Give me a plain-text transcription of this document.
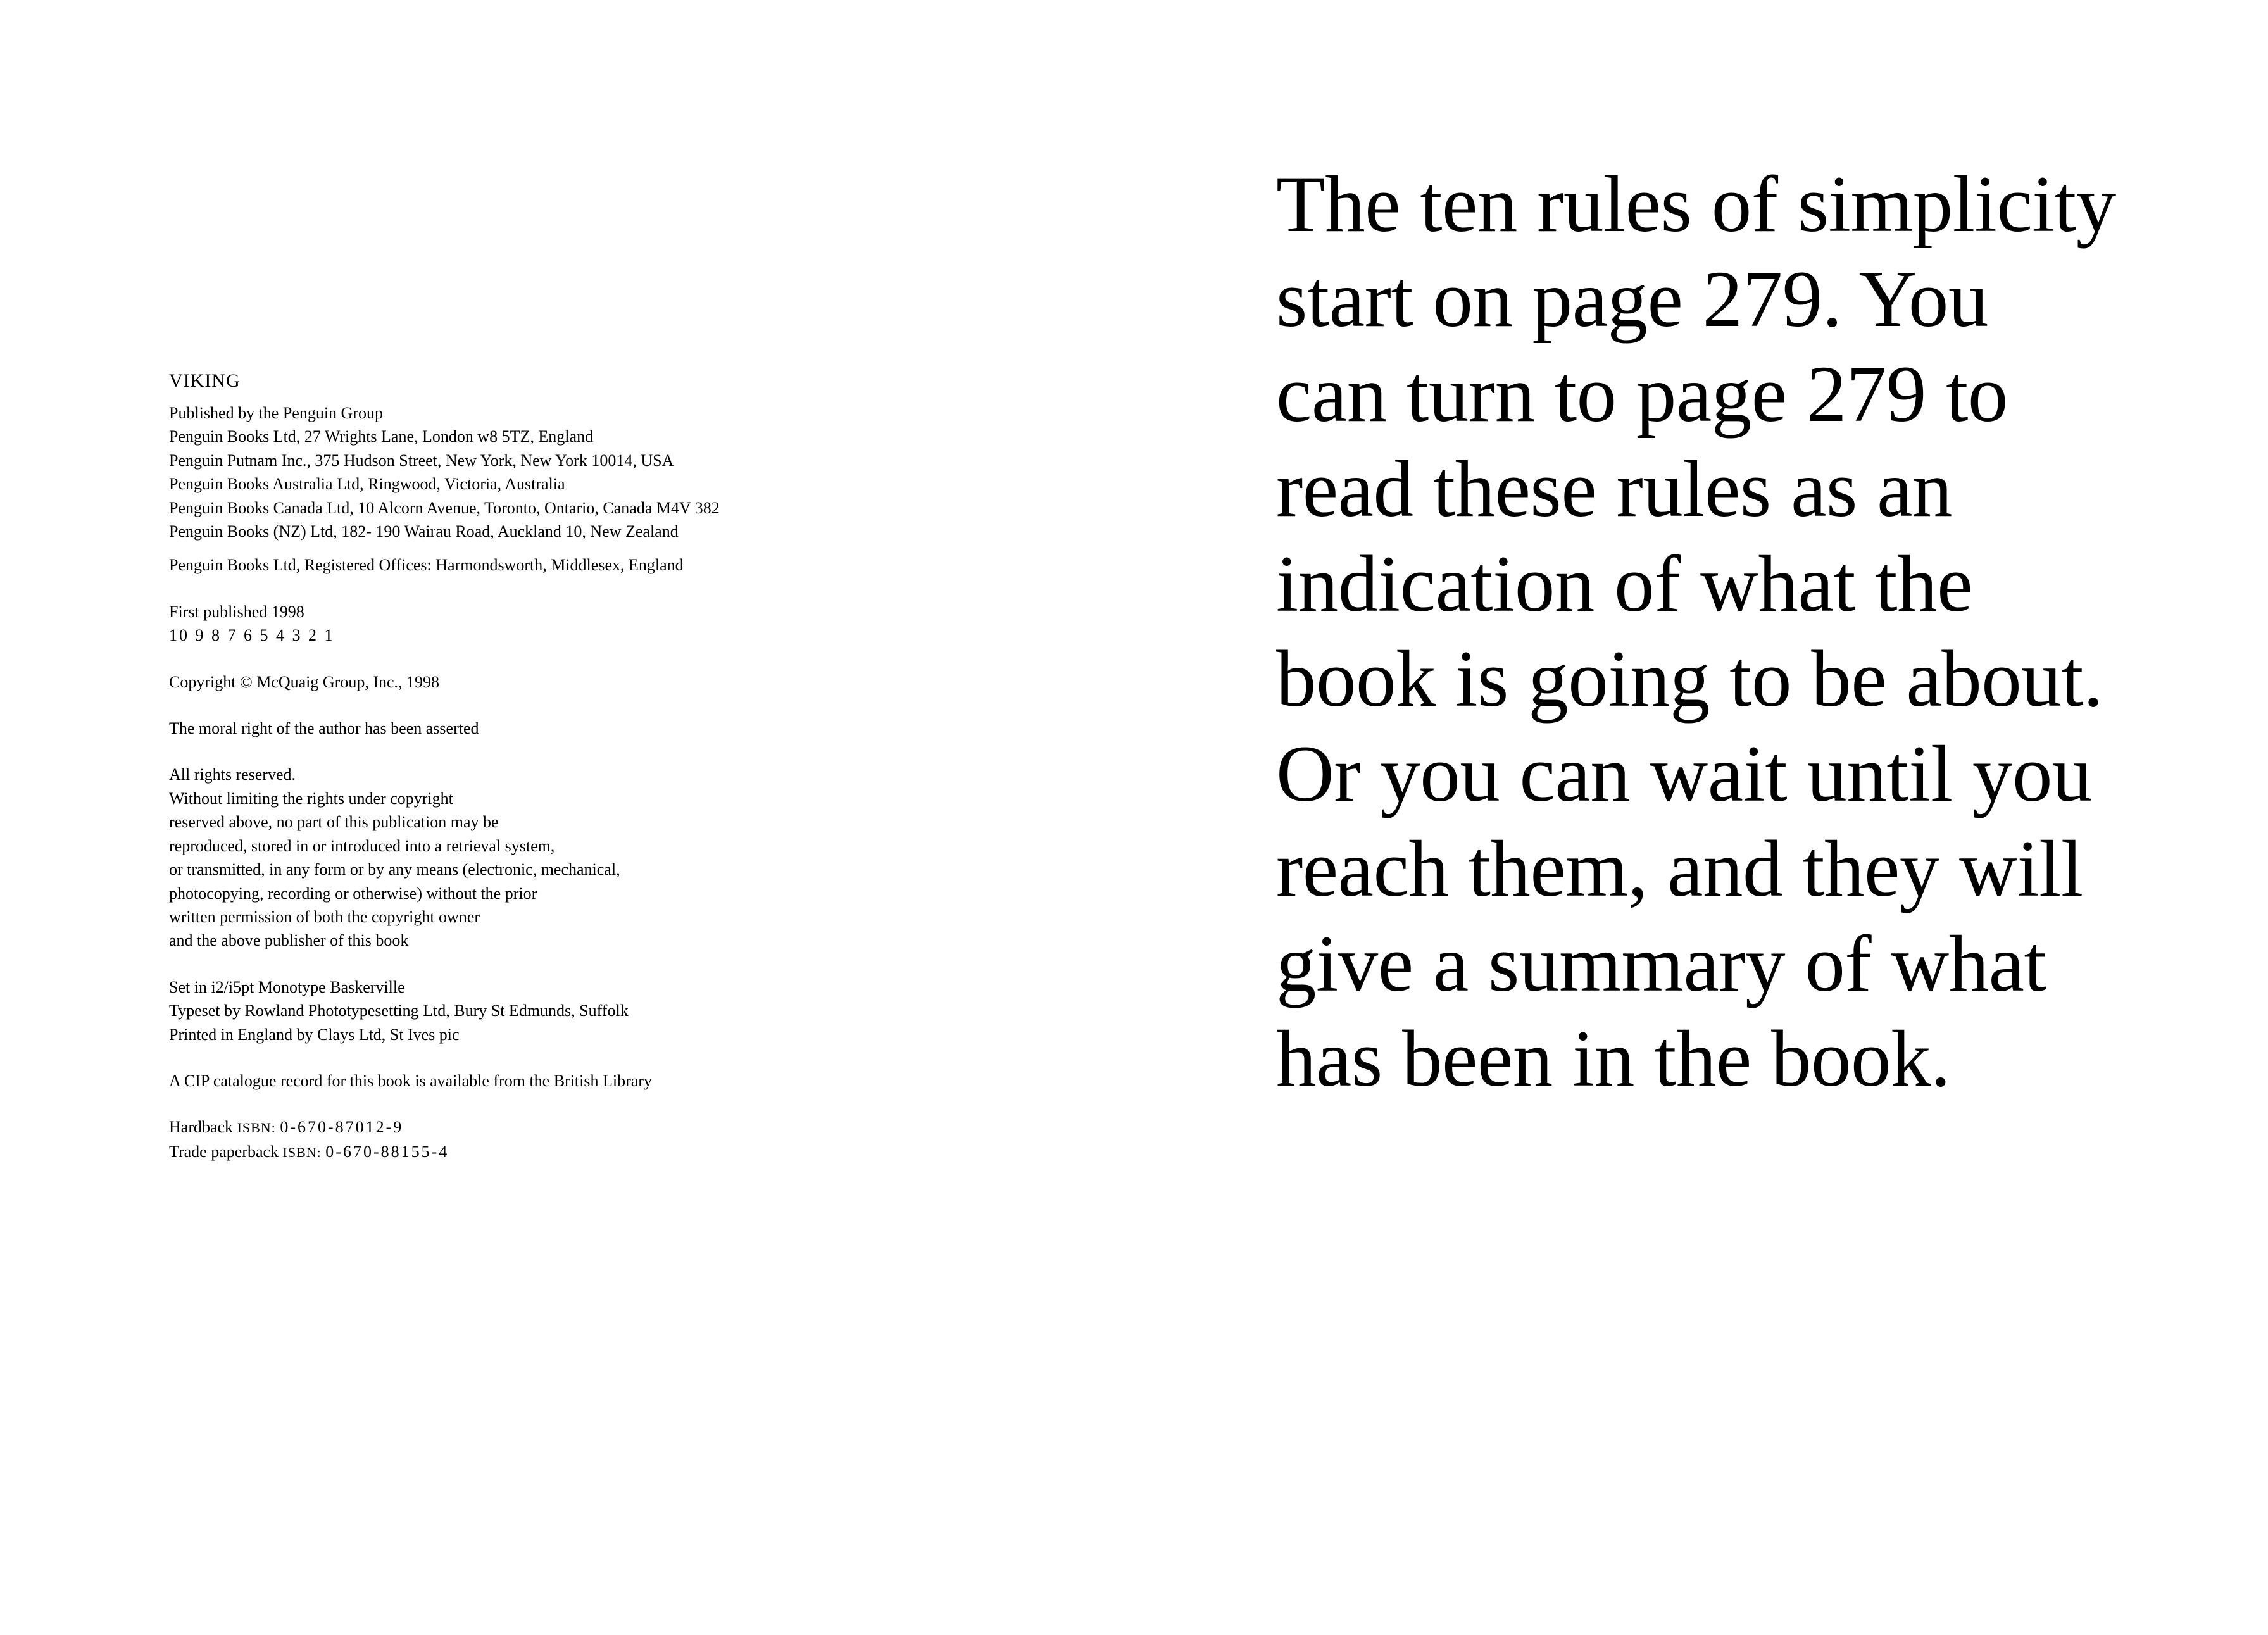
VIKING
Published by the Penguin Group
Penguin Books Ltd, 27 Wrights Lane, London w8 5TZ, England
Penguin Putnam Inc., 375 Hudson Street, New York, New York 10014, USA
Penguin Books Australia Ltd, Ringwood, Victoria, Australia
Penguin Books Canada Ltd, 10 Alcorn Avenue, Toronto, Ontario, Canada M4V 382
Penguin Books (NZ) Ltd, 182- 190 Wairau Road, Auckland 10, New Zealand
Penguin Books Ltd, Registered Offices: Harmondsworth, Middlesex, England
First published 1998
10 9 8 7 6 5 4 3 2 1
Copyright © McQuaig Group, Inc., 1998
The moral right of the author has been asserted
All rights reserved.
Without limiting the rights under copyright
reserved above, no part of this publication may be
reproduced, stored in or introduced into a retrieval system,
or transmitted, in any form or by any means (electronic, mechanical,
photocopying, recording or otherwise) without the prior
written permission of both the copyright owner
and the above publisher of this book
Set in i2/i5pt Monotype Baskerville
Typeset by Rowland Phototypesetting Ltd, Bury St Edmunds, Suffolk
Printed in England by Clays Ltd, St Ives pic
A CIP catalogue record for this book is available from the British Library
Hardback ISBN: 0-670-87012-9
Trade paperback ISBN: 0-670-88155-4
The ten rules of simplicity
start on page 279. You
can turn to page 279 to
read these rules as an
indication of what the
book is going to be about.
Or you can wait until you
reach them, and they will
give a summary of what
has been in the book.
